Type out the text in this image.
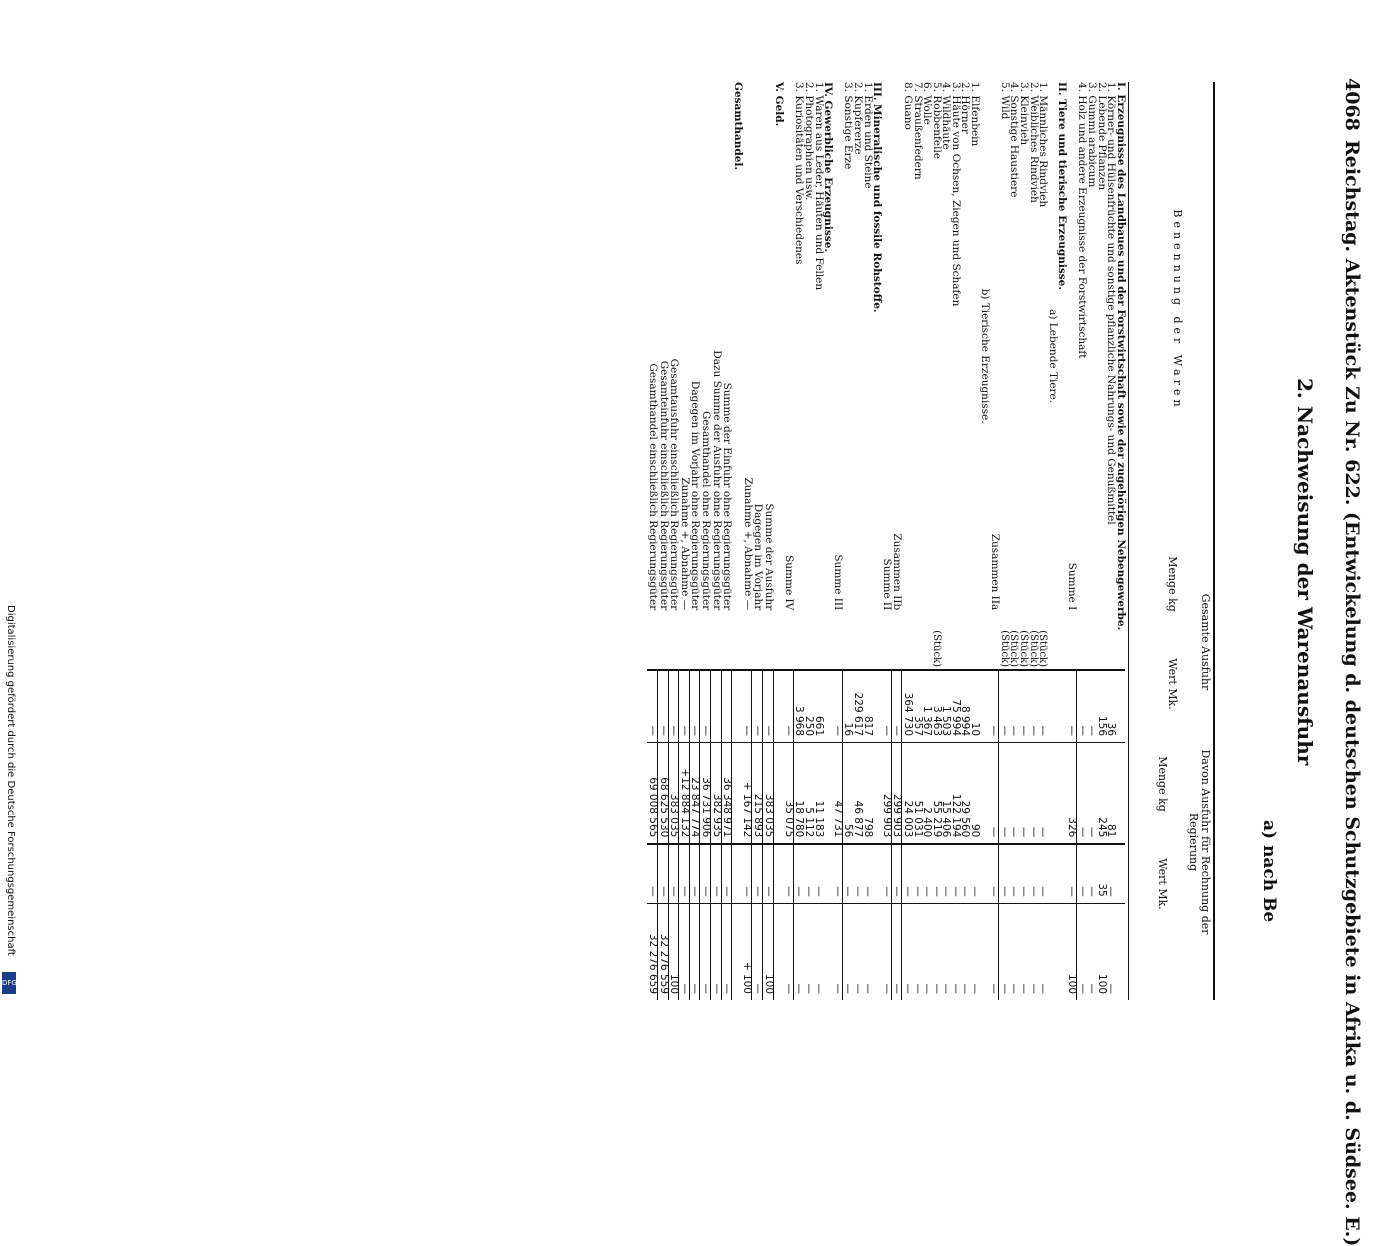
4068
Reichstag. Aktenstück Zu Nr. 622. (Entwickelung d. deutschen Schutzgebiete in Afrika u. d. Südsee. E.)
2. Nachweisung der Warenausfuhr
a) nach Be
Benennung der Waren
Gesamte Ausfuhr
Menge kg
Wert Mk.
Davon Ausfuhr für Rechnung der Regierung
Menge kg
Wert Mk.
I. Erzeugnisse des Landbaues und der Forstwirtschaft sowie der zugehörigen Nebengewerbe.					
1. Körner- und Hülsenfrüchte und sonstige pflanzliche Nahrungs- und Genußmittel		36	81	—	—
2. Lebende Pflanzen		156	245	35	100
3. Gummi arabicum		—	—	—	—
4. Holz und andere Erzeugnisse der Forstwirtschaft		—	—	—	—
Summe I		—	326	—	100
II. Tiere und tierische Erzeugnisse.					
a) Lebende Tiere.					
1. Männliches Rindvieh	(Stück)	—	—	—	—
2. Weibliches Rindvieh	(Stück)	—	—	—	—
3. Kleinvieh	(Stück)	—	—	—	—
4. Sonstige Haustiere	(Stück)	—	—	—	—
5. Wild	(Stück)	—	—	—	—
Zusammen IIa		—	—	—	—
b) Tierische Erzeugnisse.					
1. Elfenbein		10	90	—	—
2. Hörner		8 994	29 560	—	—
3. Häute von Ochsen, Ziegen und Schafen		75 994	122 194	—	—
4. Wildhäute		1 503	15 406	—	—
5. Robbenfelle	(Stück)	3 463	55 219	—	—
6. Wolle		1 367	2 400	—	—
7. Straußenfedern		357	51 031	—	—
8. Guano		364 730	24 003	—	—
Zusammen IIb		—	299 903	—	—
Summe II		—	299 903	—	—
III. Mineralische und fossile Rohstoffe.					
1. Erden und Steine		817	798	—	—
2. Kupfererze		229 617	46 877	—	—
3. Sonstige Erze		16	56	—	—
Summe III		—	47 731	—	—
IV. Gewerbliche Erzeugnisse.					
1. Waren aus Leder, Häuten und Fellen		661	11 183	—	—
2. Photographien usw.		250	5 112	—	—
3. Kuriositäten und Verschiedenes		3 968	18 780	—	—
Summe IV		—	35 075	—	—
V. Geld.					
Summe der Ausfuhr		—	383 035	—	100
Dagegen im Vorjahr		—	215 893	—	—
Zunahme +, Abnahme —		—	+ 167 142	—	+ 100
Gesamthandel.					
Summe der Einfuhr ohne Regierungsgüter			36 348 971	—	—
Dazu Summe der Ausfuhr ohne Regierungsgüter			382 935	—	—
Gesamthandel ohne Regierungsgüter		—	36 731 906	—	—
Dagegen im Vorjahr ohne Regierungsgüter		—	23 847 774	—	—
Zunahme +, Abnahme —		—	+12 884 132	—	—
Gesamtausfuhr einschließlich Regierungsgüter		—	383 035	—	100
Gesamteinfuhr einschließlich Regierungsgüter		—	68 625 530	—	32 276 559
Gesamthandel einschließlich Regierungsgüter		—	69 008 565	—	32 276 659
Digitalisierung gefördert durch die Deutsche Forschungsgemeinschaft
DFG
